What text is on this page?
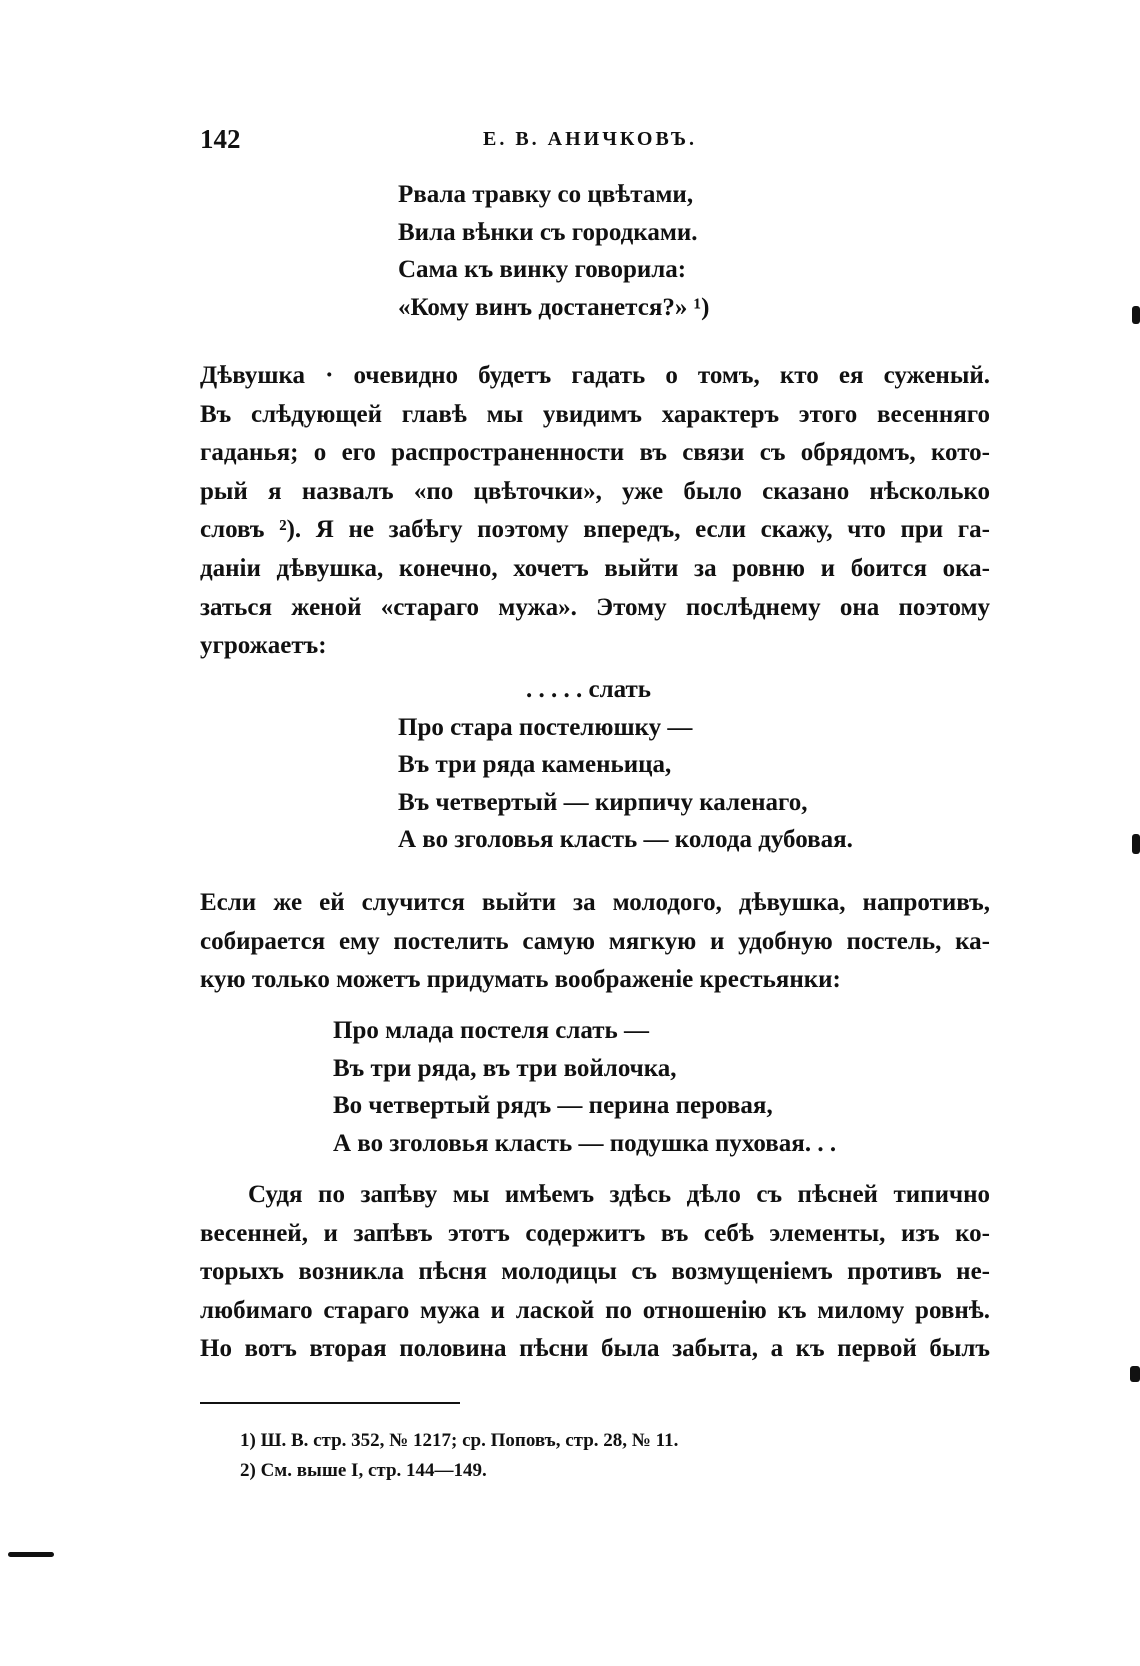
142	Е. В. АНИЧКОВЪ.
Рвала травку со цвѣтами,
Вила вѣнки съ городками.
Сама къ винку говорила:
«Кому винъ достанется?» ¹)
Дѣвушка · очевидно будетъ гадать о томъ, кто ея суженый.
Въ слѣдующей главѣ мы увидимъ характеръ этого весенняго
гаданья; о его распространенности въ связи съ обрядомъ, кото-
рый я назвалъ «по цвѣточки», уже было сказано нѣсколько
словъ ²). Я не забѣгу поэтому впередъ, если скажу, что при га-
даніи дѣвушка, конечно, хочетъ выйти за ровню и боится ока-
заться женой «стараго мужа». Этому послѣднему она поэтому
угрожаетъ:
. . . . . слать
Про стара постелюшку —
Въ три ряда каменьица,
Въ четвертый — кирпичу каленаго,
А во зголовья класть — колода дубовая.
Если же ей случится выйти за молодого, дѣвушка, напротивъ,
собирается ему постелить самую мягкую и удобную постель, ка-
кую только можетъ придумать воображеніе крестьянки:
Про млада постеля слать —
Въ три ряда, въ три войлочка,
Во четвертый рядъ — перина перовая,
А во зголовья класть — подушка пуховая. . .
Судя по запѣву мы имѣемъ здѣсь дѣло съ пѣсней типично
весенней, и запѣвъ этотъ содержитъ въ себѣ элементы, изъ ко-
торыхъ возникла пѣсня молодицы съ возмущеніемъ противъ не-
любимаго стараго мужа и лаской по отношенію къ милому ровнѣ.
Но вотъ вторая половина пѣсни была забыта, а къ первой былъ
1) Ш. В. стр. 352, № 1217; ср. Поповъ, стр. 28, № 11.
2) См. выше I, стр. 144—149.
